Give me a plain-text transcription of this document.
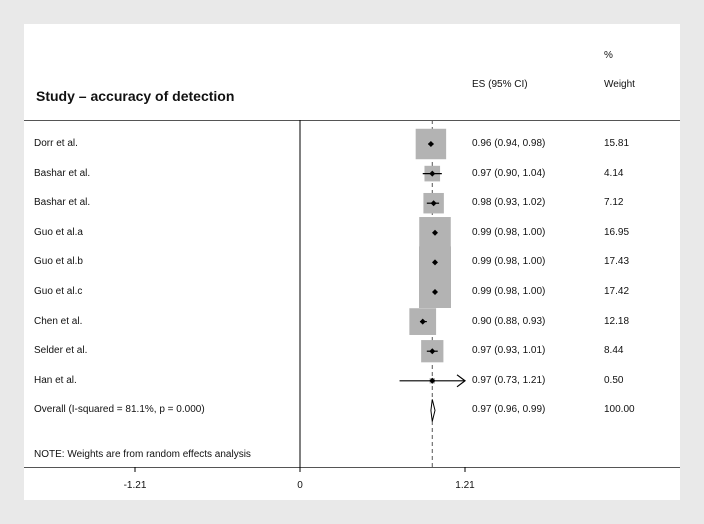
Study – accuracy of detection
ES (95% CI)
%
Weight
Dorr et al.	0.96 (0.94, 0.98)	15.81
Bashar et al.	0.97 (0.90, 1.04)	4.14
Bashar et al.	0.98 (0.93, 1.02)	7.12
Guo et al.a	0.99 (0.98, 1.00)	16.95
Guo et al.b	0.99 (0.98, 1.00)	17.43
Guo et al.c	0.99 (0.98, 1.00)	17.42
Chen et al.	0.90 (0.88, 0.93)	12.18
Selder et al.	0.97 (0.93, 1.01)	8.44
Han et al.	0.97 (0.73, 1.21)	0.50
Overall (I-squared = 81.1%, p = 0.000)	0.97 (0.96, 0.99)	100.00
NOTE: Weights are from random effects analysis
-1.21	0	1.21
